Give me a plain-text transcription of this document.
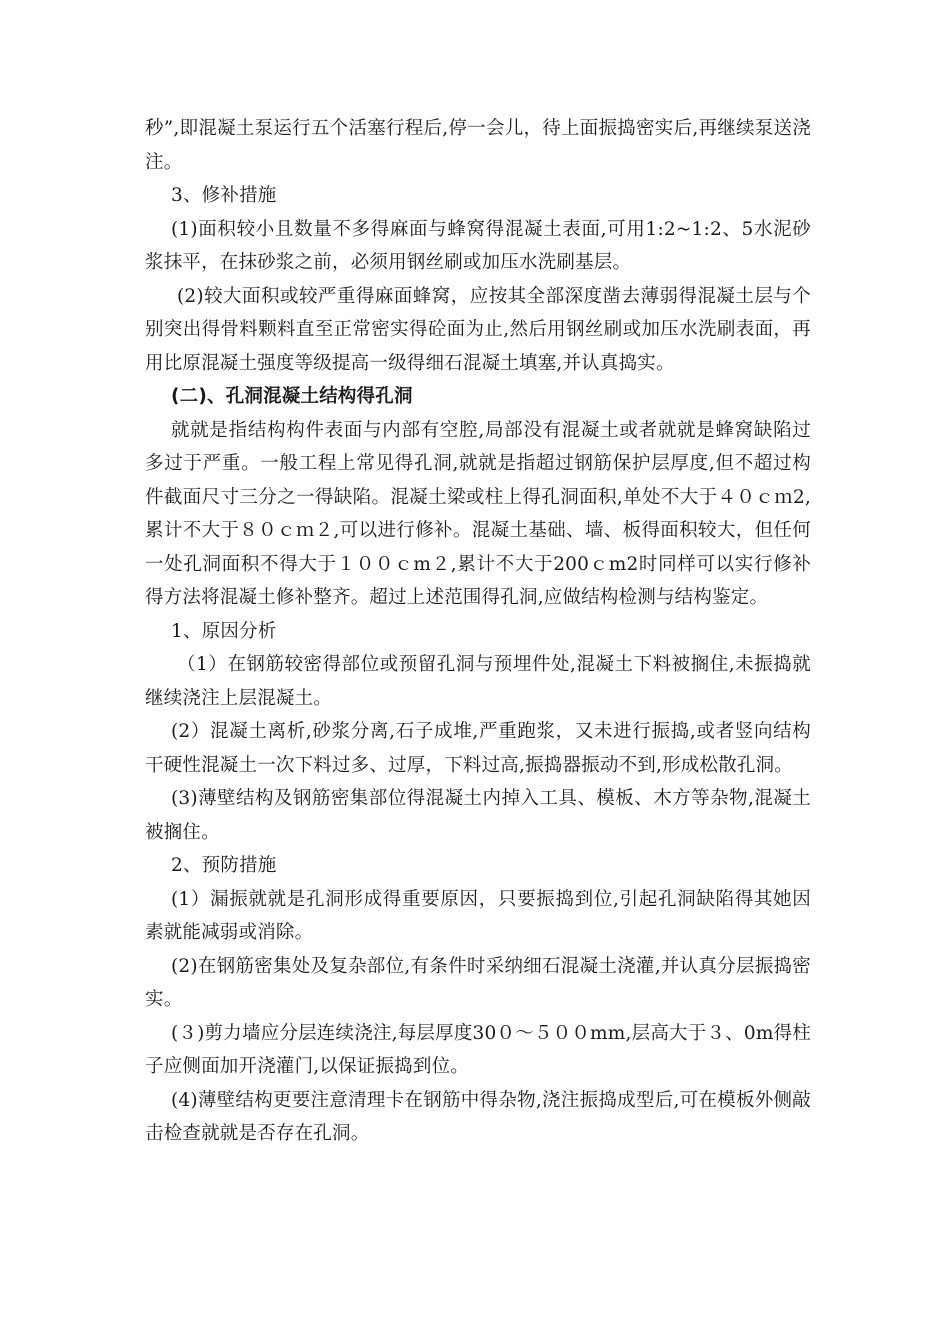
秒”,即混凝土泵运行五个活塞行程后,停一会儿，待上面振捣密实后,再继续泵送浇注。

3、修补措施

(1)面积较小且数量不多得麻面与蜂窝得混凝土表面,可用1:2~1:2、5水泥砂浆抹平，在抹砂浆之前，必须用钢丝刷或加压水洗刷基层。

(2)较大面积或较严重得麻面蜂窝，应按其全部深度凿去薄弱得混凝土层与个别突出得骨料颗料直至正常密实得砼面为止,然后用钢丝刷或加压水洗刷表面，再用比原混凝土强度等级提高一级得细石混凝土填塞,并认真捣实。

(二)、孔洞混凝土结构得孔洞

就就是指结构构件表面与内部有空腔,局部没有混凝土或者就就是蜂窝缺陷过多过于严重。一般工程上常见得孔洞,就就是指超过钢筋保护层厚度,但不超过构件截面尺寸三分之一得缺陷。混凝土梁或柱上得孔洞面积,单处不大于４０ｃｍ2,累计不大于８０ｃｍ２,可以进行修补。混凝土基础、墙、板得面积较大，但任何一处孔洞面积不得大于１００ｃm２,累计不大于200ｃm2时同样可以实行修补得方法将混凝土修补整齐。超过上述范围得孔洞,应做结构检测与结构鉴定。

1、原因分析

（1）在钢筋较密得部位或预留孔洞与预埋件处,混凝土下料被搁住,未振捣就继续浇注上层混凝土。

(2）混凝土离析,砂浆分离,石子成堆,严重跑浆，又未进行振捣,或者竖向结构干硬性混凝土一次下料过多、过厚，下料过高,振捣器振动不到,形成松散孔洞。

(3)薄壁结构及钢筋密集部位得混凝土内掉入工具、模板、木方等杂物,混凝土被搁住。

2、预防措施

(1）漏振就就是孔洞形成得重要原因，只要振捣到位,引起孔洞缺陷得其她因素就能减弱或消除。

(2)在钢筋密集处及复杂部位,有条件时采纳细石混凝土浇灌,并认真分层振捣密实。

(３)剪力墙应分层连续浇注,每层厚度30０～５００mm,层高大于３、0m得柱子应侧面加开浇灌门,以保证振捣到位。

(4)薄壁结构更要注意清理卡在钢筋中得杂物,浇注振捣成型后,可在模板外侧敲击检查就就是否存在孔洞。
